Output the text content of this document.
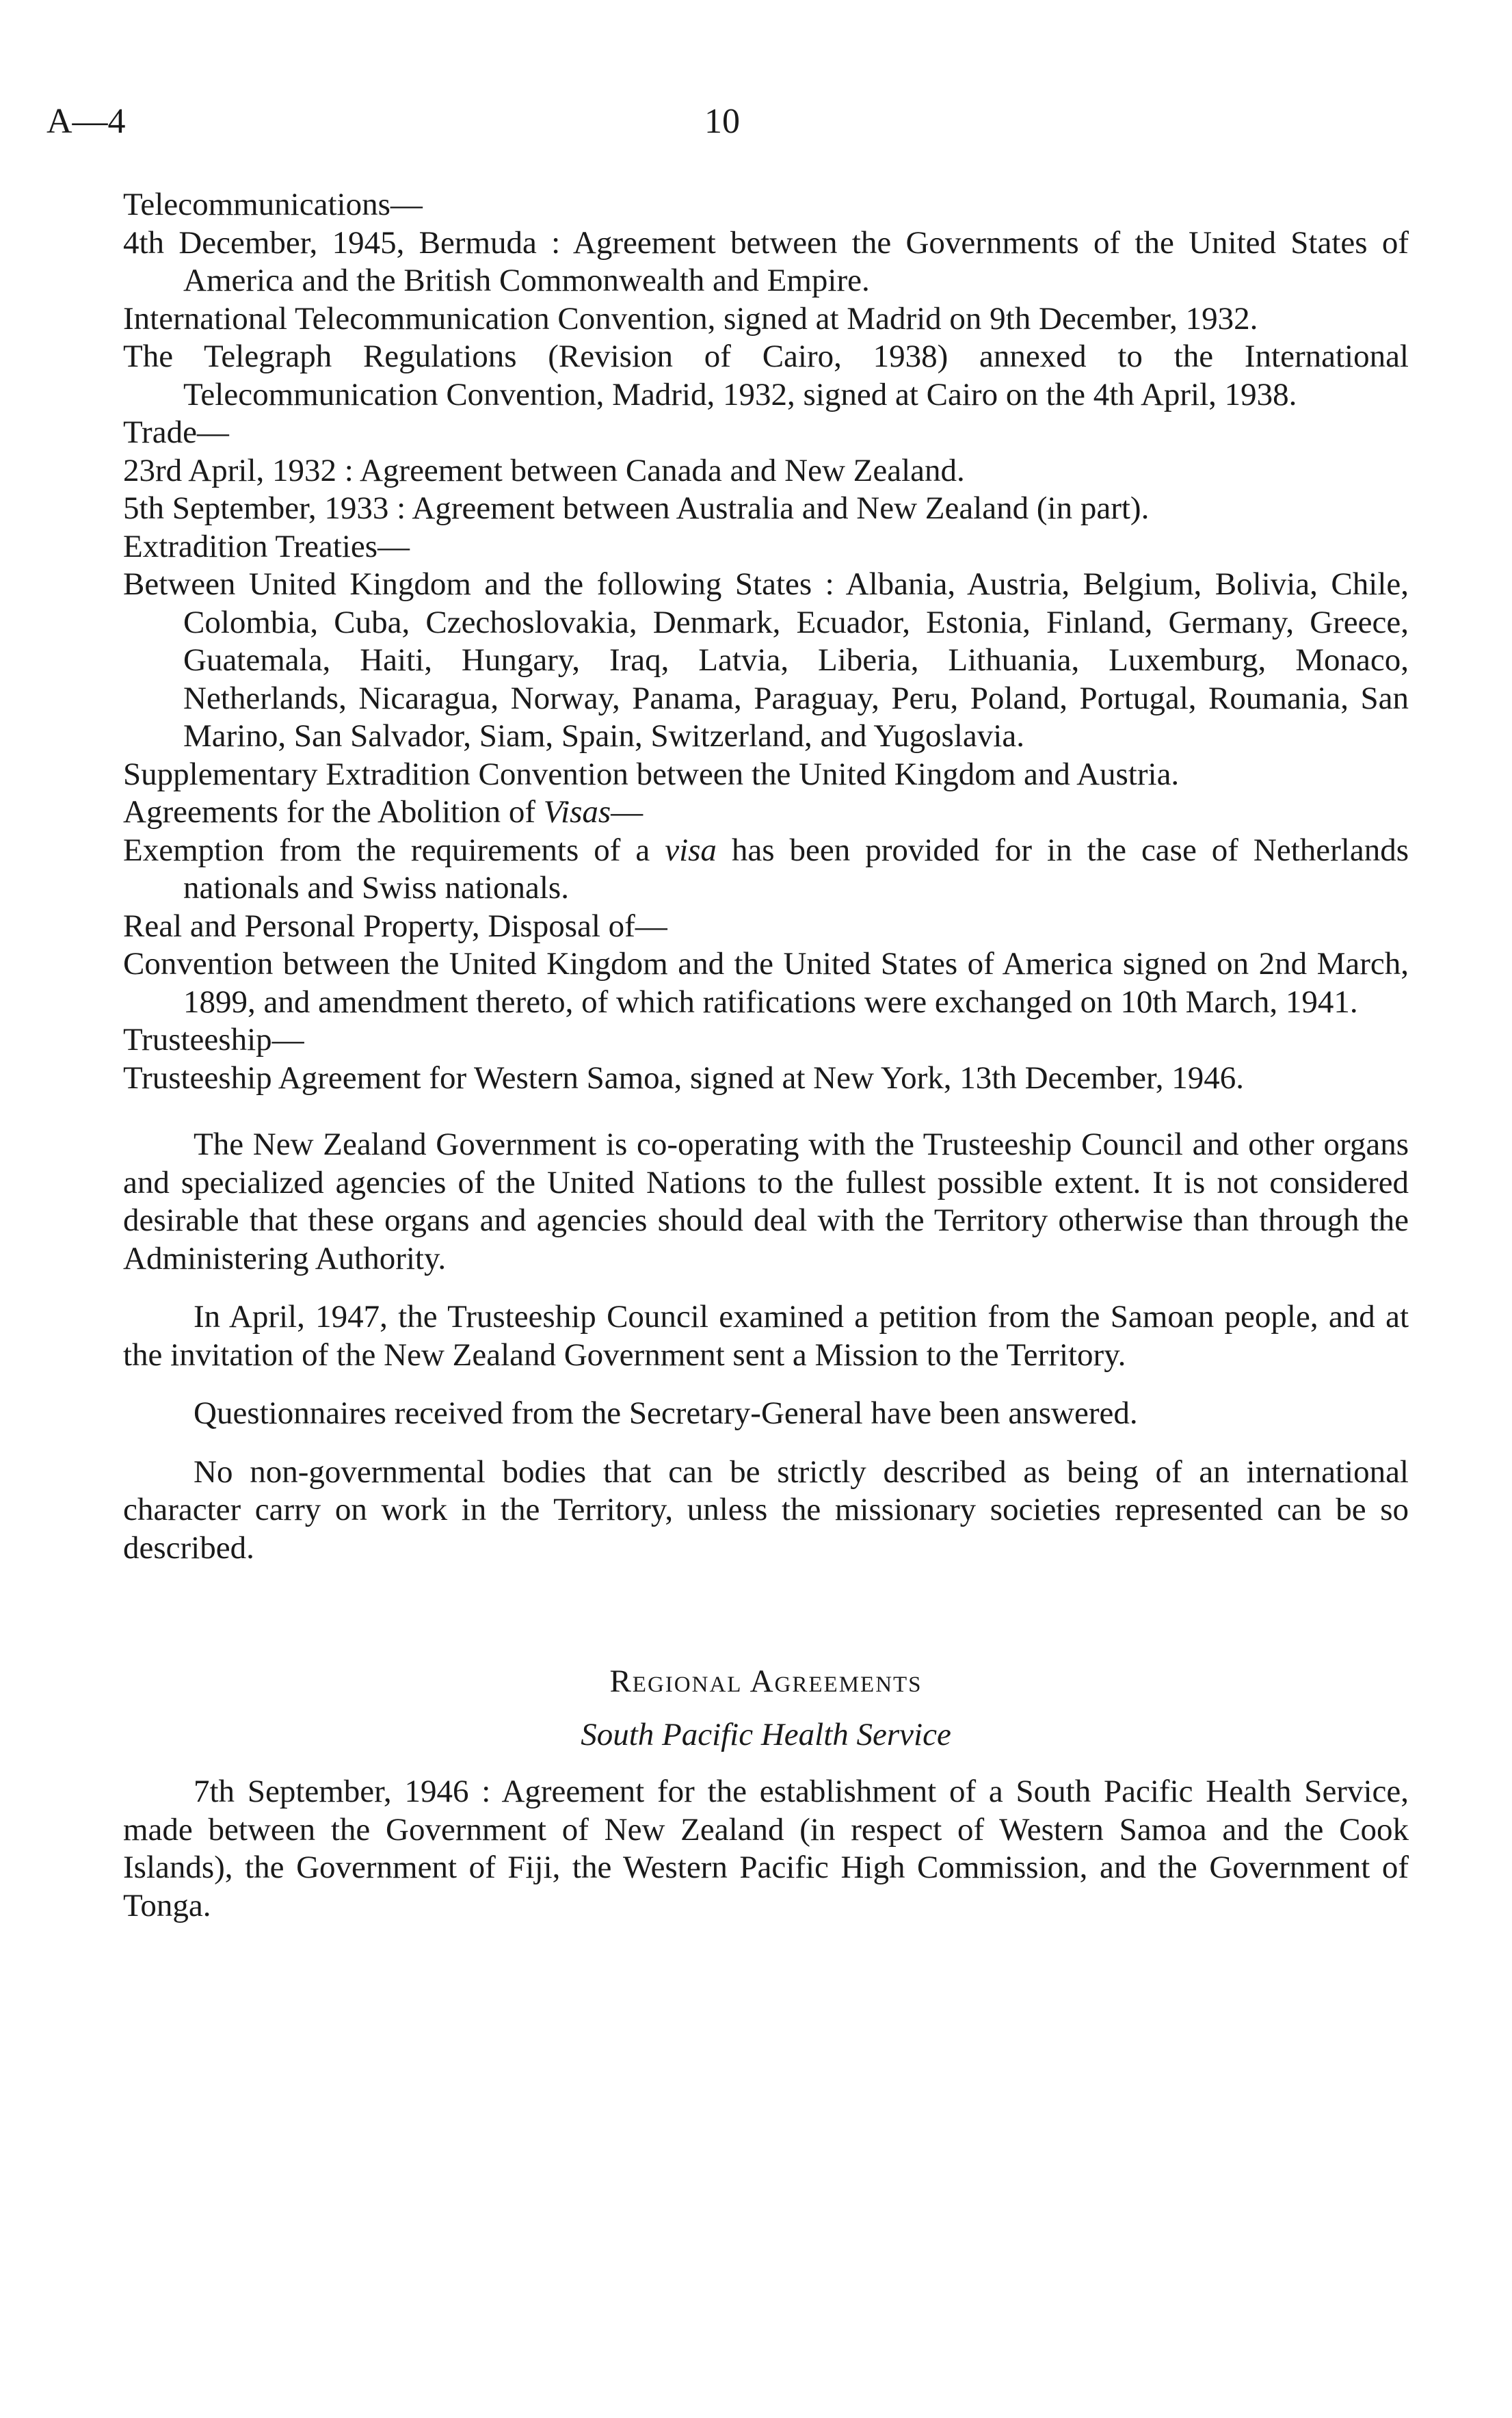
A—4	10

Telecommunications—

4th December, 1945, Bermuda : Agreement between the Governments of the United States of America and the British Commonwealth and Empire.

International Telecommunication Convention, signed at Madrid on 9th December, 1932.

The Telegraph Regulations (Revision of Cairo, 1938) annexed to the International Telecommunication Convention, Madrid, 1932, signed at Cairo on the 4th April, 1938.

Trade—

23rd April, 1932 : Agreement between Canada and New Zealand.

5th September, 1933 : Agreement between Australia and New Zealand (in part).

Extradition Treaties—

Between United Kingdom and the following States : Albania, Austria, Belgium, Bolivia, Chile, Colombia, Cuba, Czechoslovakia, Denmark, Ecuador, Estonia, Finland, Germany, Greece, Guatemala, Haiti, Hungary, Iraq, Latvia, Liberia, Lithuania, Luxemburg, Monaco, Netherlands, Nicaragua, Norway, Panama, Paraguay, Peru, Poland, Portugal, Roumania, San Marino, San Salvador, Siam, Spain, Switzerland, and Yugoslavia.

Supplementary Extradition Convention between the United Kingdom and Austria.

Agreements for the Abolition of Visas—

Exemption from the requirements of a visa has been provided for in the case of Netherlands nationals and Swiss nationals.

Real and Personal Property, Disposal of—

Convention between the United Kingdom and the United States of America signed on 2nd March, 1899, and amendment thereto, of which ratifications were exchanged on 10th March, 1941.

Trusteeship—

Trusteeship Agreement for Western Samoa, signed at New York, 13th December, 1946.

The New Zealand Government is co-operating with the Trusteeship Council and other organs and specialized agencies of the United Nations to the fullest possible extent. It is not considered desirable that these organs and agencies should deal with the Territory otherwise than through the Administering Authority.

In April, 1947, the Trusteeship Council examined a petition from the Samoan people, and at the invitation of the New Zealand Government sent a Mission to the Territory.

Questionnaires received from the Secretary-General have been answered.

No non-governmental bodies that can be strictly described as being of an international character carry on work in the Territory, unless the missionary societies represented can be so described.

Regional Agreements

South Pacific Health Service

7th September, 1946 : Agreement for the establishment of a South Pacific Health Service, made between the Government of New Zealand (in respect of Western Samoa and the Cook Islands), the Government of Fiji, the Western Pacific High Commission, and the Government of Tonga.
